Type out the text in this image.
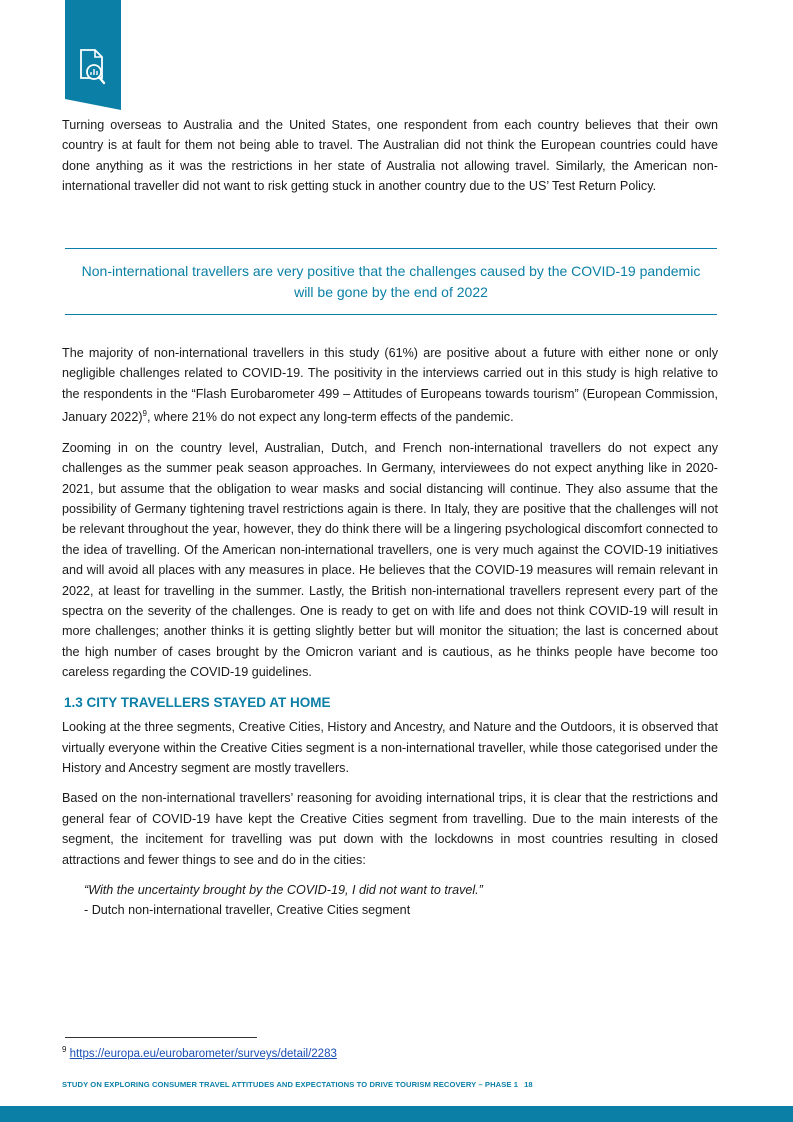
Turning overseas to Australia and the United States, one respondent from each country believes that their own country is at fault for them not being able to travel. The Australian did not think the European countries could have done anything as it was the restrictions in her state of Australia not allowing travel. Similarly, the American non-international traveller did not want to risk getting stuck in another country due to the US’ Test Return Policy.

Non-international travellers are very positive that the challenges caused by the COVID-19 pandemic
will be gone by the end of 2022

The majority of non-international travellers in this study (61%) are positive about a future with either none or only negligible challenges related to COVID-19. The positivity in the interviews carried out in this study is high relative to the respondents in the “Flash Eurobarometer 499 – Attitudes of Europeans towards tourism” (European Commission, January 2022)$^9$, where 21% do not expect any long-term effects of the pandemic.

Zooming in on the country level, Australian, Dutch, and French non-international travellers do not expect any challenges as the summer peak season approaches. In Germany, interviewees do not expect anything like in 2020-2021, but assume that the obligation to wear masks and social distancing will continue. They also assume that the possibility of Germany tightening travel restrictions again is there. In Italy, they are positive that the challenges will not be relevant throughout the year, however, they do think there will be a lingering psychological discomfort connected to the idea of travelling. Of the American non-international travellers, one is very much against the COVID-19 initiatives and will avoid all places with any measures in place. He believes that the COVID-19 measures will remain relevant in 2022, at least for travelling in the summer. Lastly, the British non-international travellers represent every part of the spectra on the severity of the challenges. One is ready to get on with life and does not think COVID-19 will result in more challenges; another thinks it is getting slightly better but will monitor the situation; the last is concerned about the high number of cases brought by the Omicron variant and is cautious, as he thinks people have become too careless regarding the COVID-19 guidelines.

1.3 CITY TRAVELLERS STAYED AT HOME

Looking at the three segments, Creative Cities, History and Ancestry, and Nature and the Outdoors, it is observed that virtually everyone within the Creative Cities segment is a non-international traveller, while those categorised under the History and Ancestry segment are mostly travellers.

Based on the non-international travellers’ reasoning for avoiding international trips, it is clear that the restrictions and general fear of COVID-19 have kept the Creative Cities segment from travelling. Due to the main interests of the segment, the incitement for travelling was put down with the lockdowns in most countries resulting in closed attractions and fewer things to see and do in the cities:

“With the uncertainty brought by the COVID-19, I did not want to travel.”
- Dutch non-international traveller, Creative Cities segment
$^9$ https://europa.eu/eurobarometer/surveys/detail/2283
STUDY ON EXPLORING CONSUMER TRAVEL ATTITUDES AND EXPECTATIONS TO DRIVE TOURISM RECOVERY – PHASE 1 18
